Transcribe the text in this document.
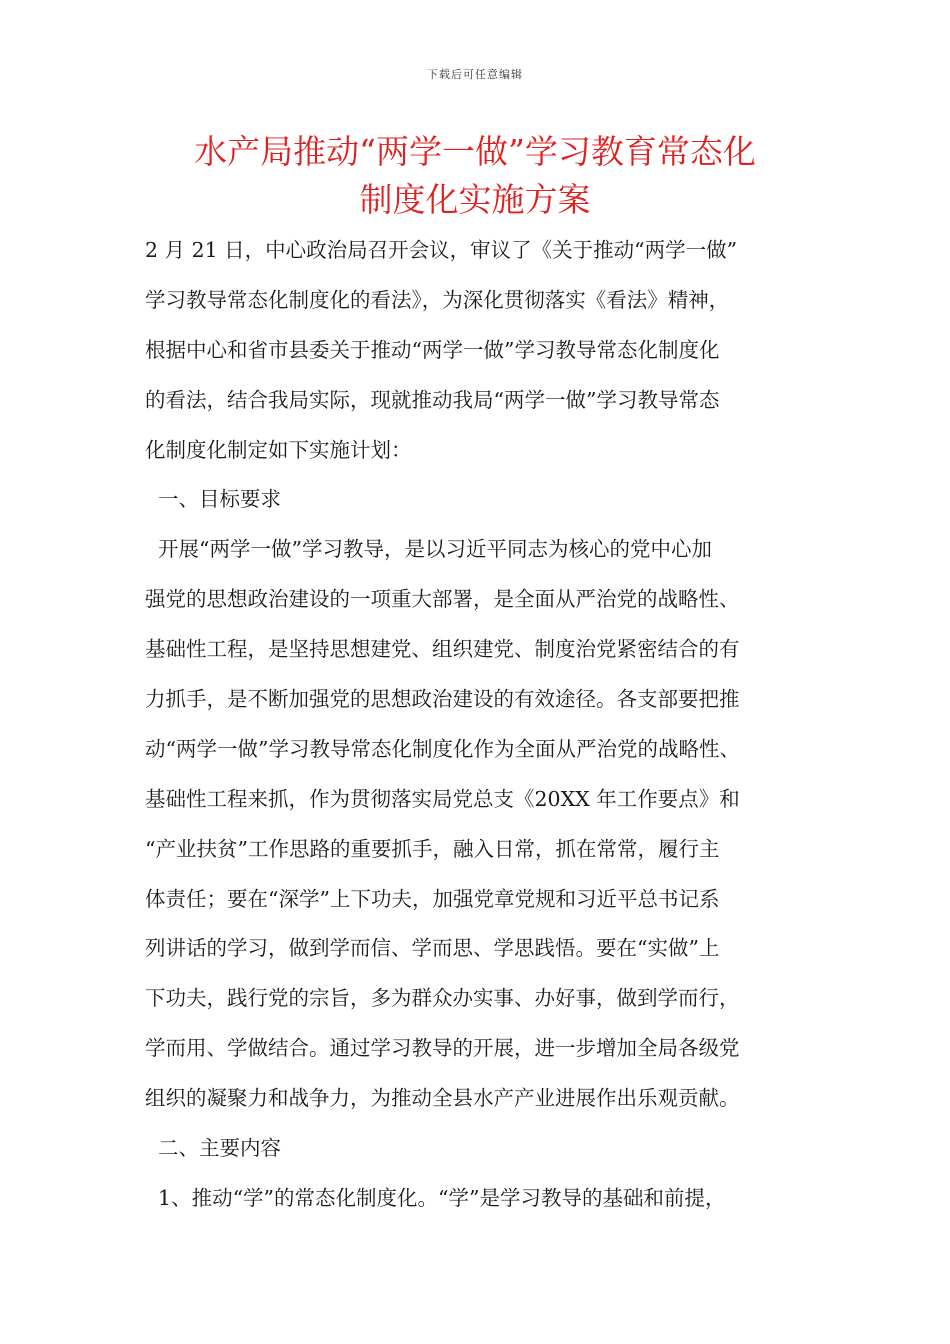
下载后可任意编辑
水产局推动“两学一做”学习教育常态化
制度化实施方案
2 月 21 日，中心政治局召开会议，审议了《关于推动“两学一做”
学习教导常态化制度化的看法》，为深化贯彻落实《看法》精神，
根据中心和省市县委关于推动“两学一做”学习教导常态化制度化
的看法，结合我局实际，现就推动我局“两学一做”学习教导常态
化制度化制定如下实施计划：
一、目标要求
开展“两学一做”学习教导，是以习近平同志为核心的党中心加
强党的思想政治建设的一项重大部署，是全面从严治党的战略性、
基础性工程，是坚持思想建党、组织建党、制度治党紧密结合的有
力抓手，是不断加强党的思想政治建设的有效途径。各支部要把推
动“两学一做”学习教导常态化制度化作为全面从严治党的战略性、
基础性工程来抓，作为贯彻落实局党总支《20XX 年工作要点》和
“产业扶贫”工作思路的重要抓手，融入日常，抓在常常，履行主
体责任；要在“深学”上下功夫，加强党章党规和习近平总书记系
列讲话的学习，做到学而信、学而思、学思践悟。要在“实做”上
下功夫，践行党的宗旨，多为群众办实事、办好事，做到学而行，
学而用、学做结合。通过学习教导的开展，进一步增加全局各级党
组织的凝聚力和战争力，为推动全县水产产业进展作出乐观贡献。
二、主要内容
1、推动“学”的常态化制度化。“学”是学习教导的基础和前提，
